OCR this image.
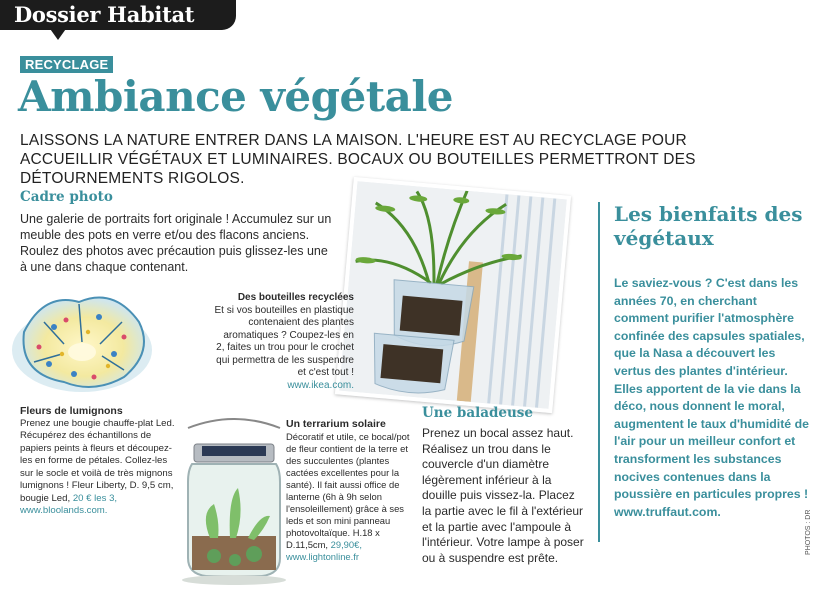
Dossier Habitat
RECYCLAGE
Ambiance végétale
LAISSONS LA NATURE ENTRER DANS LA MAISON. L'HEURE EST AU RECYCLAGE POUR ACCUEILLIR VÉGÉTAUX ET LUMINAIRES. BOCAUX OU BOUTEILLES PERMETTRONT DES DÉTOURNEMENTS RIGOLOS.
Cadre photo
Une galerie de portraits fort originale ! Accumulez sur un meuble des pots en verre et/ou des flacons anciens. Roulez des photos avec précaution puis glissez-les une à une dans chaque contenant.
Des bouteilles recyclées
Et si vos bouteilles en plastique contenaient des plantes aromatiques ? Coupez-les en 2, faites un trou pour le crochet qui permettra de les suspendre et c'est tout !
www.ikea.com.
Fleurs de lumignons
Prenez une bougie chauffe-plat Led. Récupérez des échantillons de papiers peints à fleurs et découpez-les en forme de pétales. Collez-les sur le socle et voilà de très mignons lumignons ! Fleur Liberty, D. 9,5 cm, bougie Led, 20 € les 3, www.bloolands.com.
Un terrarium solaire
Décoratif et utile, ce bocal/pot de fleur contient de la terre et des succulentes (plantes cactées excellentes pour la santé). Il fait aussi office de lanterne (6h à 9h selon l'ensoleillement) grâce à ses leds et son mini panneau photovoltaïque. H.18 x D.11,5cm, 29,90€, www.lightonline.fr
Une baladeuse
Prenez un bocal assez haut. Réalisez un trou dans le couvercle d'un diamètre légèrement inférieur à la douille puis vissez-la. Placez la partie avec le fil à l'extérieur et la partie avec l'ampoule à l'intérieur. Votre lampe à poser ou à suspendre est prête.
Les bienfaits des végétaux
Le saviez-vous ? C'est dans les années 70, en cherchant comment purifier l'atmosphère confinée des capsules spatiales, que la Nasa a découvert les vertus des plantes d'intérieur. Elles apportent de la vie dans la déco, nous donnent le moral, augmentent le taux d'humidité de l'air pour un meilleur confort et transforment les substances nocives contenues dans la poussière en particules propres ! www.truffaut.com.	PHOTOS : DR
